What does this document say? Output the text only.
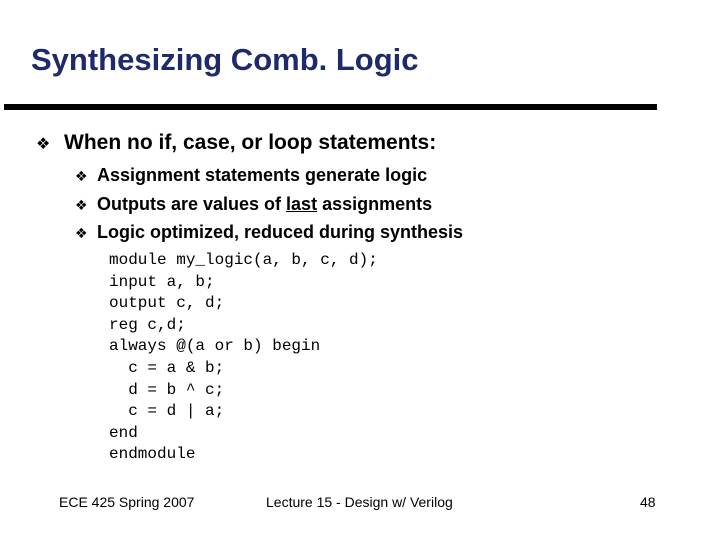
Synthesizing Comb. Logic
❖ When no if, case, or loop statements:
❖ Assignment statements generate logic
❖ Outputs are values of last assignments
❖ Logic optimized, reduced during synthesis
module my_logic(a, b, c, d);
input a, b;
output c, d;
reg c,d;
always @(a or b) begin
c = a & b;
d = b ^ c;
c = d | a;
end
endmodule
ECE 425 Spring 2007	Lecture 15 - Design w/ Verilog	48
